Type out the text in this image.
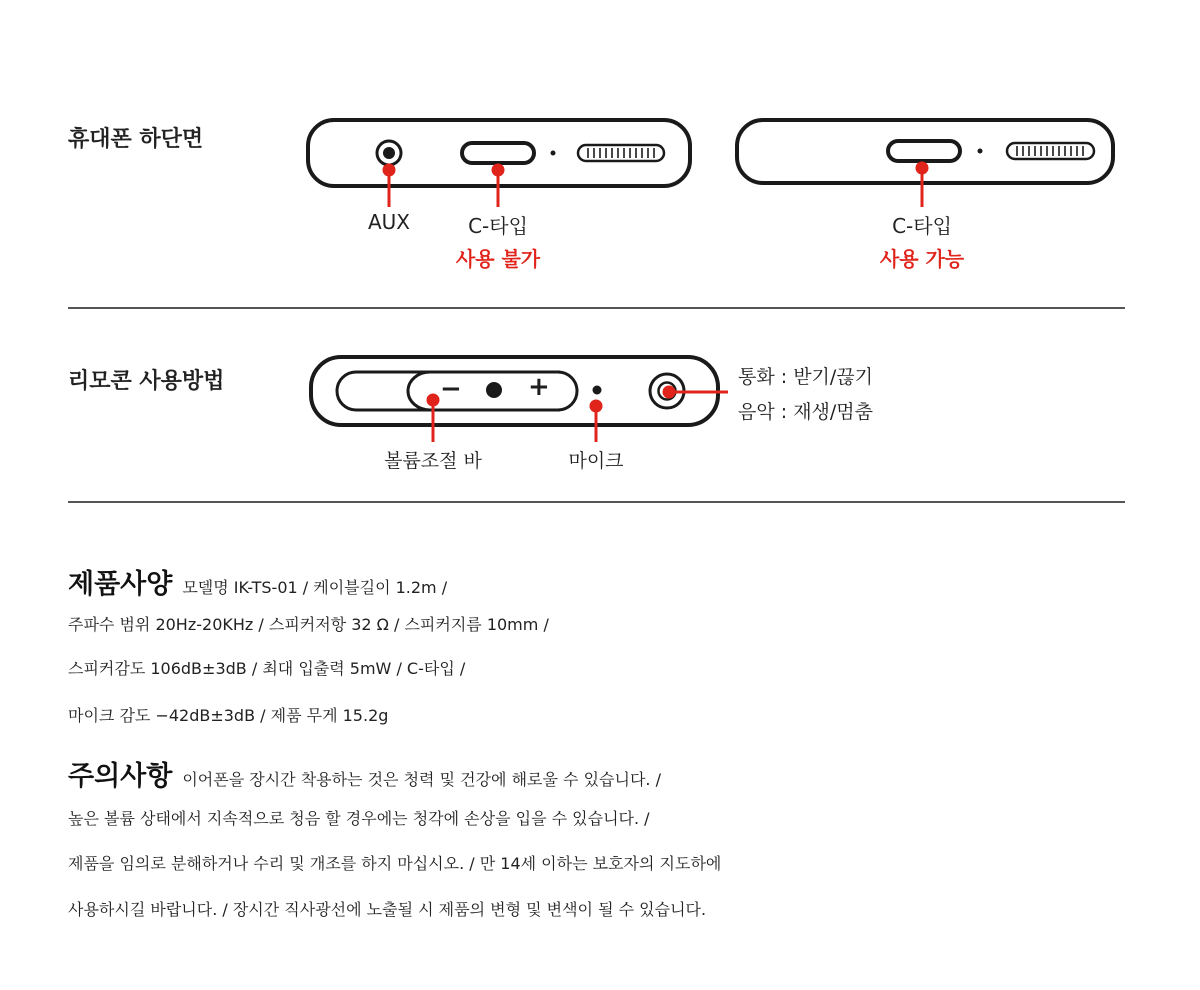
휴대폰 하단면
AUX	C-타입
사용 불가
C-타입
사용 가능
리모콘 사용방법	−	+
볼륨조절 바	마이크
통화 : 받기/끊기
음악 : 재생/멈춤
제품사양 모델명 IK-TS-01 / 케이블길이 1.2m /
주파수 범위 20Hz-20KHz / 스피커저항 32 Ω / 스피커지름 10mm /
스피커감도 106dB±3dB / 최대 입출력 5mW / C-타입 /
마이크 감도 −42dB±3dB / 제품 무게 15.2g
주의사항 이어폰을 장시간 착용하는 것은 청력 및 건강에 해로울 수 있습니다. /
높은 볼륨 상태에서 지속적으로 청음 할 경우에는 청각에 손상을 입을 수 있습니다. /
제품을 임의로 분해하거나 수리 및 개조를 하지 마십시오. / 만 14세 이하는 보호자의 지도하에
사용하시길 바랍니다. / 장시간 직사광선에 노출될 시 제품의 변형 및 변색이 될 수 있습니다.
